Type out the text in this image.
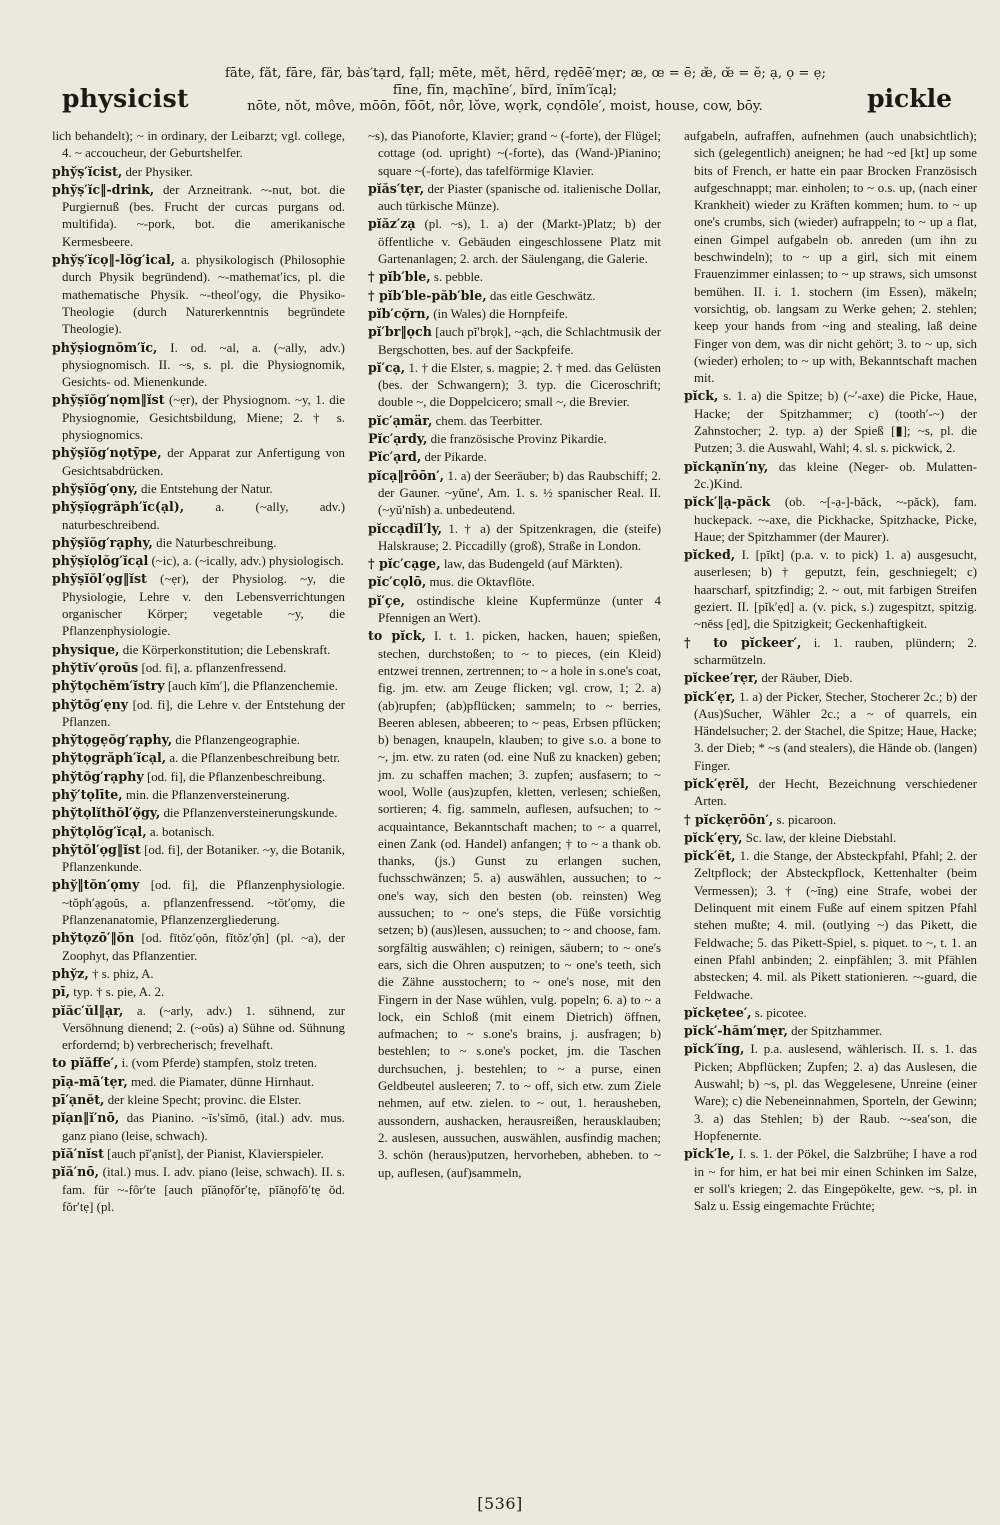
physicist
fāte, făt, fāre, fär, bȧs′tạrd, fạll; mēte, mĕt, hẽrd, rẹdēē′mẹr; æ, œ = ē; æ̆, œ̆ = ĕ; ạ, ọ = ẹ;
fīne, fĭn, mạchīne′, bĭrd, ĭnĭm′ĭcạl;
nōte, nŏt, môve, mōōn, fōōt, nôr, lŏve, wọrk, cọndōle′, moist, house, cow, bōy.	pickle

lich behandelt); ~ in ordinary, der Leibarzt; vgl. college, 4. ~ accoucheur, der Geburtshelfer.

phy̆ṣ′ĭcist, der Physiker.

phy̆ṣ′ĭc‖-drink, der Arzneitrank. ~-nut, bot. die Purgiernuß (bes. Frucht der curcas purgans od. multifida). ~-pork, bot. die amerikanische Kermesbeere.

phy̆ṣ′ĭcọ‖-lŏg′ical, a. physikologisch (Philosophie durch Physik begründend). ~-mathemat′ics, pl. die mathematische Physik. ~-theol′ogy, die Physiko-Theologie (durch Naturerkenntnis begründete Theologie).

phy̆ṣiognŏm′ĭc, I. od. ~al, a. (~ally, adv.) physiognomisch. II. ~s, s. pl. die Physiognomik, Gesichts- od. Mienenkunde.

phy̆ṣĭŏg′nọm‖ĭst (~ẹr), der Physiognom. ~y, 1. die Physiognomie, Gesichtsbildung, Miene; 2. † s. physiognomics.

phy̆ṣĭŏg′nọtȳpe, der Apparat zur Anfertigung von Gesichtsabdrücken.

phy̆ṣĭŏg′ọny, die Entstehung der Natur.

phy̆ṣĭọgrăph′ĭc(ạl), a. (~ally, adv.) naturbeschreibend.

phy̆ṣĭŏg′rạphy, die Naturbeschreibung.

phy̆ṣĭọlŏg′ĭcạl (~ic), a. (~ically, adv.) physiologisch.

phy̆ṣĭŏl′ọg‖ĭst (~ẹr), der Physiolog. ~y, die Physiologie, Lehre v. den Lebensverrichtungen organischer Körper; vegetable ~y, die Pflanzenphysiologie.

physique, die Körperkonstitution; die Lebenskraft.

phy̆tĭv′ọroŭs [od. fi], a. pflanzenfressend.

phy̆tọchĕm′ĭstry [auch kĭm′], die Pflanzenchemie.

phy̆tŏg′ẹny [od. fi], die Lehre v. der Entstehung der Pflanzen.

phy̆tọgẹŏg′rạphy, die Pflanzengeographie.

phy̆tọgrăph′ĭcạl, a. die Pflanzenbeschreibung betr.

phy̆tŏg′rạphy [od. fi], die Pflanzenbeschreibung.

phy̆′tọlīte, min. die Pflanzenversteinerung.

phy̆tọlĭthŏl′ọ̆gy, die Pflanzenversteinerungskunde.

phy̆tọlŏg′ĭcạl, a. botanisch.

phy̆tŏl′ọg‖ĭst [od. fi], der Botaniker. ~y, die Botanik, Pflanzenkunde.

phy̆‖tŏn′ọmy [od. fi], die Pflanzenphysiologie. ~tŏph′ạgoŭs, a. pflanzenfressend. ~tŏt′ọmy, die Pflanzenanatomie, Pflanzenzergliederung.

phy̆tọzō′‖ŏn [od. fītŏz′ọŏn, fĭtŏz′ọ̆n] (pl. ~a), der Zoophyt, das Pflanzentier.

phy̆z, † s. phiz, A.

pī, typ. † s. pie, A. 2.

pĭăc′ŭl‖ạr, a. (~arly, adv.) 1. sühnend, zur Versöhnung dienend; 2. (~oŭs) a) Sühne od. Sühnung erfordernd; b) verbrecherisch; frevelhaft.

to pĭăffe′, i. (vom Pferde) stampfen, stolz treten.

pīạ-mā′tẹr, med. die Piamater, dünne Hirnhaut.

pī′ạnĕt, der kleine Specht; provinc. die Elster.

pĭạn‖ĭ′nō, das Pianino. ~ĭs′sĭmō, (ital.) adv. mus. ganz piano (leise, schwach).

pĭă′nĭst [auch pĭ′ạnĭst], der Pianist, Klavierspieler.

pĭă′nō, (ital.) mus. I. adv. piano (leise, schwach). II. s. fam. für ~-fôr′te [auch pĭănọfŏr′tẹ, pĭănọfō′tẹ ŏd. fŏr′tẹ] (pl.

~s), das Pianoforte, Klavier; grand ~ (-forte), der Flügel; cottage (od. upright) ~(-forte), das (Wand-)Pianino; square ~(-forte), das tafelförmige Klavier.

pĭăs′tẹr, der Piaster (spanische od. italienische Dollar, auch türkische Münze).

pĭăz′zạ (pl. ~s), 1. a) der (Markt-)Platz; b) der öffentliche v. Gebäuden eingeschlossene Platz mit Gartenanlagen; 2. arch. der Säulengang, die Galerie.

† pĭb′ble, s. pebble.

† pĭb′ble-păb′ble, das eitle Geschwätz.

pĭb′cọ̆rn, (in Wales) die Hornpfeife.

pĭ′br‖ọch [auch pĭ′brọk], ~ạch, die Schlachtmusik der Bergschotten, bes. auf der Sackpfeife.

pĭ′cạ, 1. † die Elster, s. magpie; 2. † med. das Gelüsten (bes. der Schwangern); 3. typ. die Ciceroschrift; double ~, die Doppelcicero; small ~, die Brevier.

pĭc′ạmär, chem. das Teerbitter.

Pĭc′ạrdy, die französische Provinz Pikardie.

Pĭc′ạrd, der Pikarde.

pĭcạ‖rōōn′, 1. a) der Seeräuber; b) das Raubschiff; 2. der Gauner. ~yŭne′, Am. 1. s. ½ spanischer Real. II. (~yŭ′nĭsh) a. unbedeutend.

pĭccạdĭl′ly, 1. † a) der Spitzenkragen, die (steife) Halskrause; 2. Piccadilly (groß), Straße in London.

† pĭc′cạge, law, das Budengeld (auf Märkten).

pĭc′cọlō, mus. die Oktavflöte.

pĭ′çe, ostindische kleine Kupfermünze (unter 4 Pfennigen an Wert).

to pĭck, I. t. 1. picken, hacken, hauen; spießen, stechen, durchstoßen; to ~ to pieces, (ein Kleid) entzwei trennen, zertrennen; to ~ a hole in s.one's coat, fig. jm. etw. am Zeuge flicken; vgl. crow, 1; 2. a) (ab)rupfen; (ab)pflücken; sammeln; to ~ berries, Beeren ablesen, abbeeren; to ~ peas, Erbsen pflücken; b) benagen, knaupeln, klauben; to give s.o. a bone to ~, jm. etw. zu raten (od. eine Nuß zu knacken) geben; jm. zu schaffen machen; 3. zupfen; ausfasern; to ~ wool, Wolle (aus)zupfen, kletten, verlesen; schießen, sortieren; 4. fig. sammeln, auflesen, aufsuchen; to ~ acquaintance, Bekanntschaft machen; to ~ a quarrel, einen Zank (od. Handel) anfangen; † to ~ a thank ob. thanks, (js.) Gunst zu erlangen suchen, fuchsschwänzen; 5. a) auswählen, aussuchen; to ~ one's way, sich den besten (ob. reinsten) Weg aussuchen; to ~ one's steps, die Füße vorsichtig setzen; b) (aus)lesen, aussuchen; to ~ and choose, fam. sorgfältig auswählen; c) reinigen, säubern; to ~ one's ears, sich die Ohren ausputzen; to ~ one's teeth, sich die Zähne ausstochern; to ~ one's nose, mit den Fingern in der Nase wühlen, vulg. popeln; 6. a) to ~ a lock, ein Schloß (mit einem Dietrich) öffnen, aufmachen; to ~ s.one's brains, j. ausfragen; b) bestehlen; to ~ s.one's pocket, jm. die Taschen durchsuchen, j. bestehlen; to ~ a purse, einen Geldbeutel ausleeren; 7. to ~ off, sich etw. zum Ziele nehmen, auf etw. zielen. to ~ out, 1. herausheben, aussondern, aushacken, herausreißen, herausklauben; 2. auslesen, aussuchen, auswählen, ausfindig machen; 3. schön (heraus)putzen, hervorheben, abheben. to ~ up, auflesen, (auf)sammeln,

aufgabeln, aufraffen, aufnehmen (auch unabsichtlich); sich (gelegentlich) aneignen; he had ~ed [kt] up some bits of French, er hatte ein paar Brocken Französisch aufgeschnappt; mar. einholen; to ~ o.s. up, (nach einer Krankheit) wieder zu Kräften kommen; hum. to ~ up one's crumbs, sich (wieder) aufrappeln; to ~ up a flat, einen Gimpel aufgabeln ob. anreden (um ihn zu beschwindeln); to ~ up a girl, sich mit einem Frauenzimmer einlassen; to ~ up straws, sich umsonst bemühen. II. i. 1. stochern (im Essen), mäkeln; vorsichtig, ob. langsam zu Werke gehen; 2. stehlen; keep your hands from ~ing and stealing, laß deine Finger von dem, was dir nicht gehört; 3. to ~ up, sich (wieder) erholen; to ~ up with, Bekanntschaft machen mit.

pĭck, s. 1. a) die Spitze; b) (~′-axe) die Picke, Haue, Hacke; der Spitzhammer; c) (tooth′-~) der Zahnstocher; 2. typ. a) der Spieß [▮]; ~s, pl. die Putzen; 3. die Auswahl, Wahl; 4. sl. s. pickwick, 2.

pĭckạnĭn′ny, das kleine (Neger- ob. Mulatten- 2c.)Kind.

pĭck′‖ạ-păck (ob. ~[-ạ-]-băck, ~-păck), fam. huckepack. ~-axe, die Pickhacke, Spitzhacke, Picke, Haue; der Spitzhammer (der Maurer).

pĭcked, I. [pĭkt] (p.a. v. to pick) 1. a) ausgesucht, auserlesen; b) † geputzt, fein, geschniegelt; c) haarscharf, spitzfindig; 2. ~ out, mit farbigen Streifen geziert. II. [pĭk′ẹd] a. (v. pick, s.) zugespitzt, spitzig. ~nĕss [ẹd], die Spitzigkeit; Geckenhaftigkeit.

† to pĭckeer′, i. 1. rauben, plündern; 2. scharmützeln.

pĭckee′rẹr, der Räuber, Dieb.

pĭck′ẹr, 1. a) der Picker, Stecher, Stocherer 2c.; b) der (Aus)Sucher, Wähler 2c.; a ~ of quarrels, ein Händelsucher; 2. der Stachel, die Spitze; Haue, Hacke; 3. der Dieb; * ~s (and stealers), die Hände ob. (langen) Finger.

pĭck′ẹrĕl, der Hecht, Bezeichnung verschiedener Arten.

† pĭckẹrōōn′, s. picaroon.

pĭck′ẹry, Sc. law, der kleine Diebstahl.

pĭck′ĕt, 1. die Stange, der Absteckpfahl, Pfahl; 2. der Zeltpflock; der Absteckpflock, Kettenhalter (beim Vermessen); 3. † (~ĭng) eine Strafe, wobei der Delinquent mit einem Fuße auf einem spitzen Pfahl stehen mußte; 4. mil. (outlying ~) das Pikett, die Feldwache; 5. das Pikett-Spiel, s. piquet. to ~, t. 1. an einen Pfahl anbinden; 2. einpfählen; 3. mit Pfählen abstecken; 4. mil. als Pikett stationieren. ~-guard, die Feldwache.

pĭckẹtee′, s. picotee.

pĭck′-hăm′mẹr, der Spitzhammer.

pĭck′ĭng, I. p.a. auslesend, wählerisch. II. s. 1. das Picken; Abpflücken; Zupfen; 2. a) das Auslesen, die Auswahl; b) ~s, pl. das Weggelesene, Unreine (einer Ware); c) die Nebeneinnahmen, Sporteln, der Gewinn; 3. a) das Stehlen; b) der Raub. ~-sea′son, die Hopfenernte.

pĭck′le, I. s. 1. der Pökel, die Salzbrühe; I have a rod in ~ for him, er hat bei mir einen Schinken im Salze, er soll's kriegen; 2. das Eingepökelte, gew. ~s, pl. in Salz u. Essig eingemachte Früchte;

[536]
